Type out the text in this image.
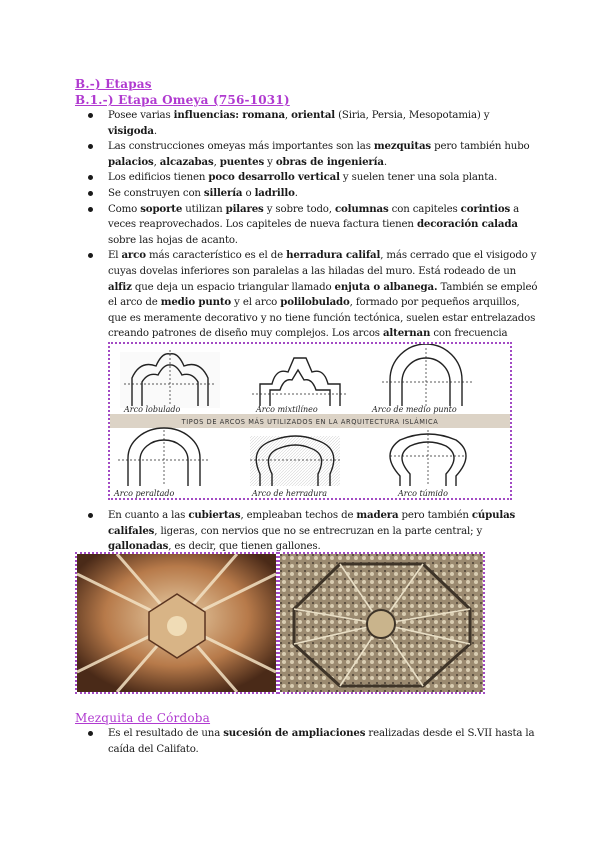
B.-) Etapas
B.1.-) Etapa Omeya (756-1031)
Posee varias influencias: romana, oriental (Siria, Persia, Mesopotamia) y visigoda.
Las construcciones omeyas más importantes son las mezquitas pero también hubo palacios, alcazabas, puentes y obras de ingeniería.
Los edificios tienen poco desarrollo vertical y suelen tener una sola planta.
Se construyen con sillería o ladrillo.
Como soporte utilizan pilares y sobre todo, columnas con capiteles corintios a veces reaprovechados. Los capiteles de nueva factura tienen decoración calada sobre las hojas de acanto.
El arco más característico es el de herradura califal, más cerrado que el visigodo y cuyas dovelas inferiores son paralelas a las hiladas del muro. Está rodeado de un alfiz que deja un espacio triangular llamado enjuta o albanega. También se empleó el arco de medio punto y el arco polilobulado, formado por pequeños arquillos, que es meramente decorativo y no tiene función tectónica, suelen estar entrelazados creando patrones de diseño muy complejos. Los arcos alternan con frecuencia
Arco lobulado	Arco mixtilíneo	Arco de medio punto
TIPOS DE ARCOS MÁS UTILIZADOS EN LA ARQUITECTURA ISLÁMICA
Arco peraltado	Arco de herradura	Arco túmido
En cuanto a las cubiertas, empleaban techos de madera pero también cúpulas califales, ligeras, con nervios que no se entrecruzan en la parte central; y gallonadas, es decir, que tienen gallones.
Mezquita de Córdoba
Es el resultado de una sucesión de ampliaciones realizadas desde el S.VII hasta la caída del Califato.
